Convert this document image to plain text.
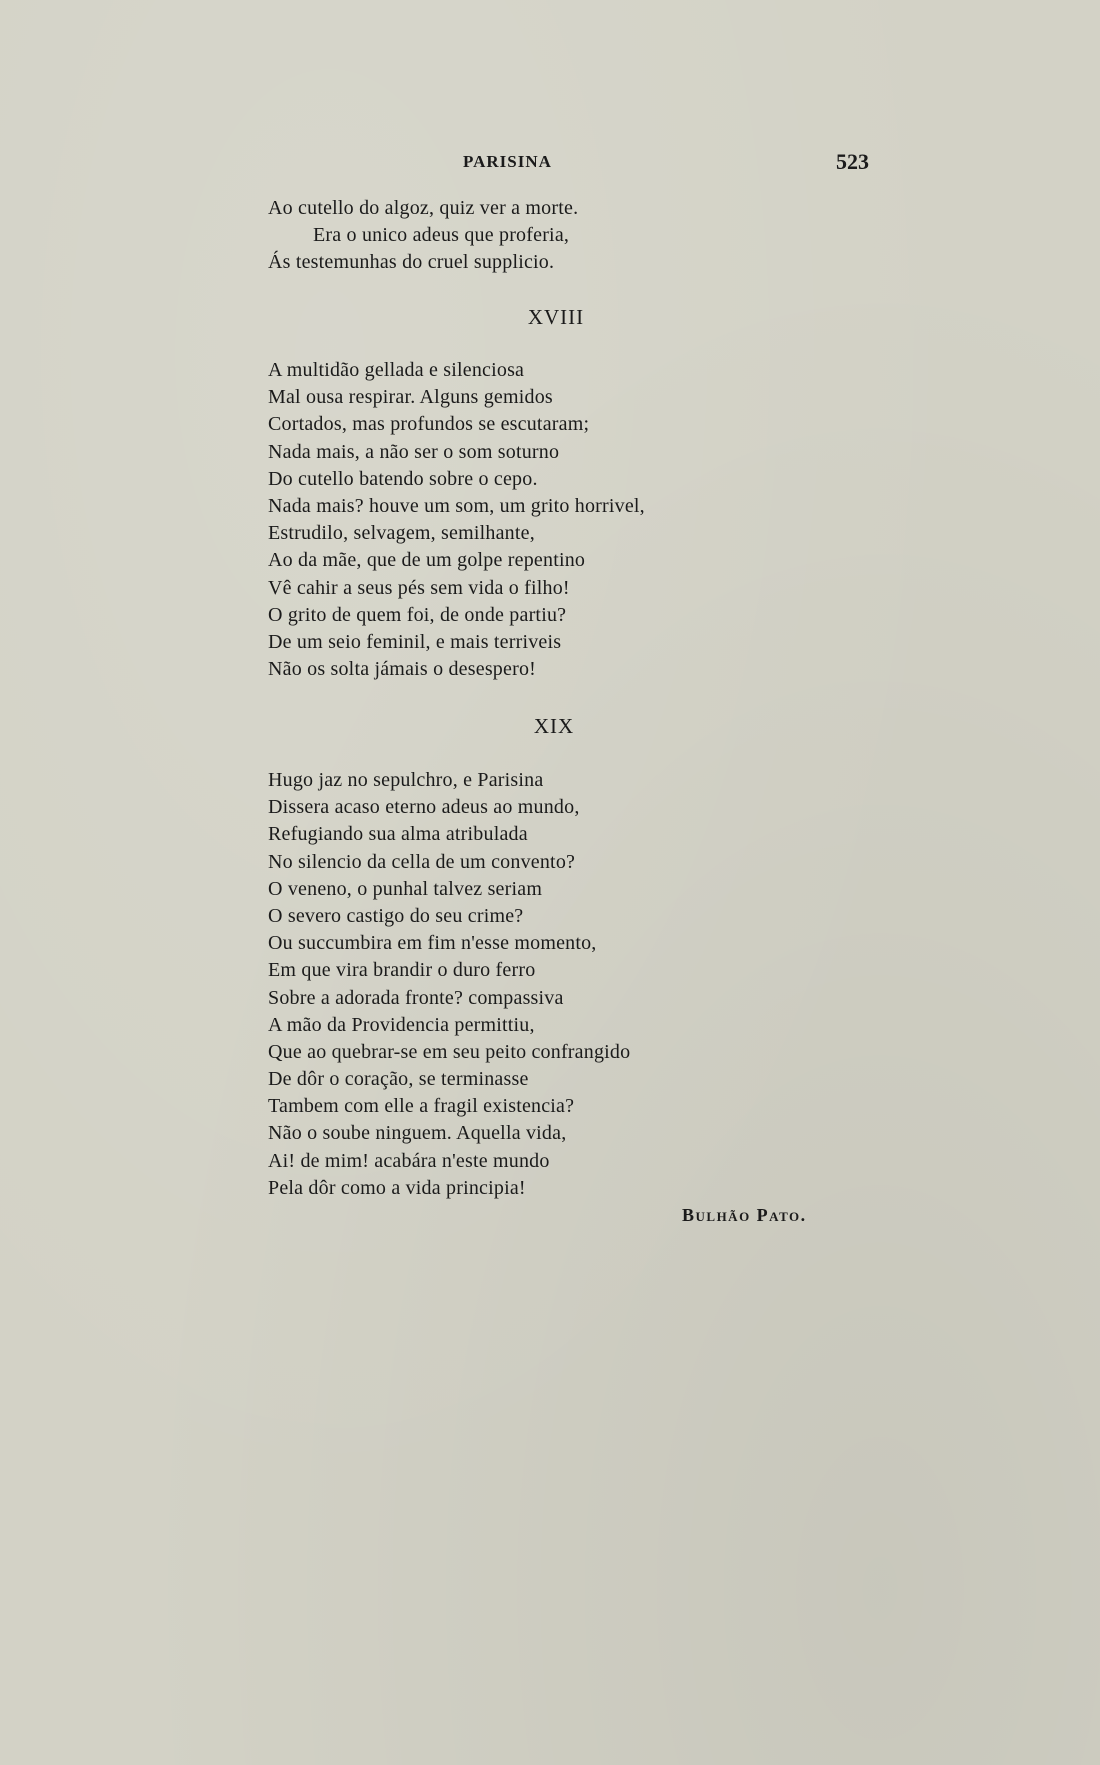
PARISINA	523
Ao cutello do algoz, quiz ver a morte.
Era o unico adeus que proferia,
Ás testemunhas do cruel supplicio.
XVIII
A multidão gellada e silenciosa
Mal ousa respirar. Alguns gemidos
Cortados, mas profundos se escutaram;
Nada mais, a não ser o som soturno
Do cutello batendo sobre o cepo.
Nada mais? houve um som, um grito horrivel,
Estrudilo, selvagem, semilhante,
Ao da mãe, que de um golpe repentino
Vê cahir a seus pés sem vida o filho!
O grito de quem foi, de onde partiu?
De um seio feminil, e mais terriveis
Não os solta jámais o desespero!
XIX
Hugo jaz no sepulchro, e Parisina
Dissera acaso eterno adeus ao mundo,
Refugiando sua alma atribulada
No silencio da cella de um convento?
O veneno, o punhal talvez seriam
O severo castigo do seu crime?
Ou succumbira em fim n'esse momento,
Em que vira brandir o duro ferro
Sobre a adorada fronte? compassiva
A mão da Providencia permittiu,
Que ao quebrar-se em seu peito confrangido
De dôr o coração, se terminasse
Tambem com elle a fragil existencia?
Não o soube ninguem. Aquella vida,
Ai! de mim! acabára n'este mundo
Pela dôr como a vida principia!
Bulhão Pato.
